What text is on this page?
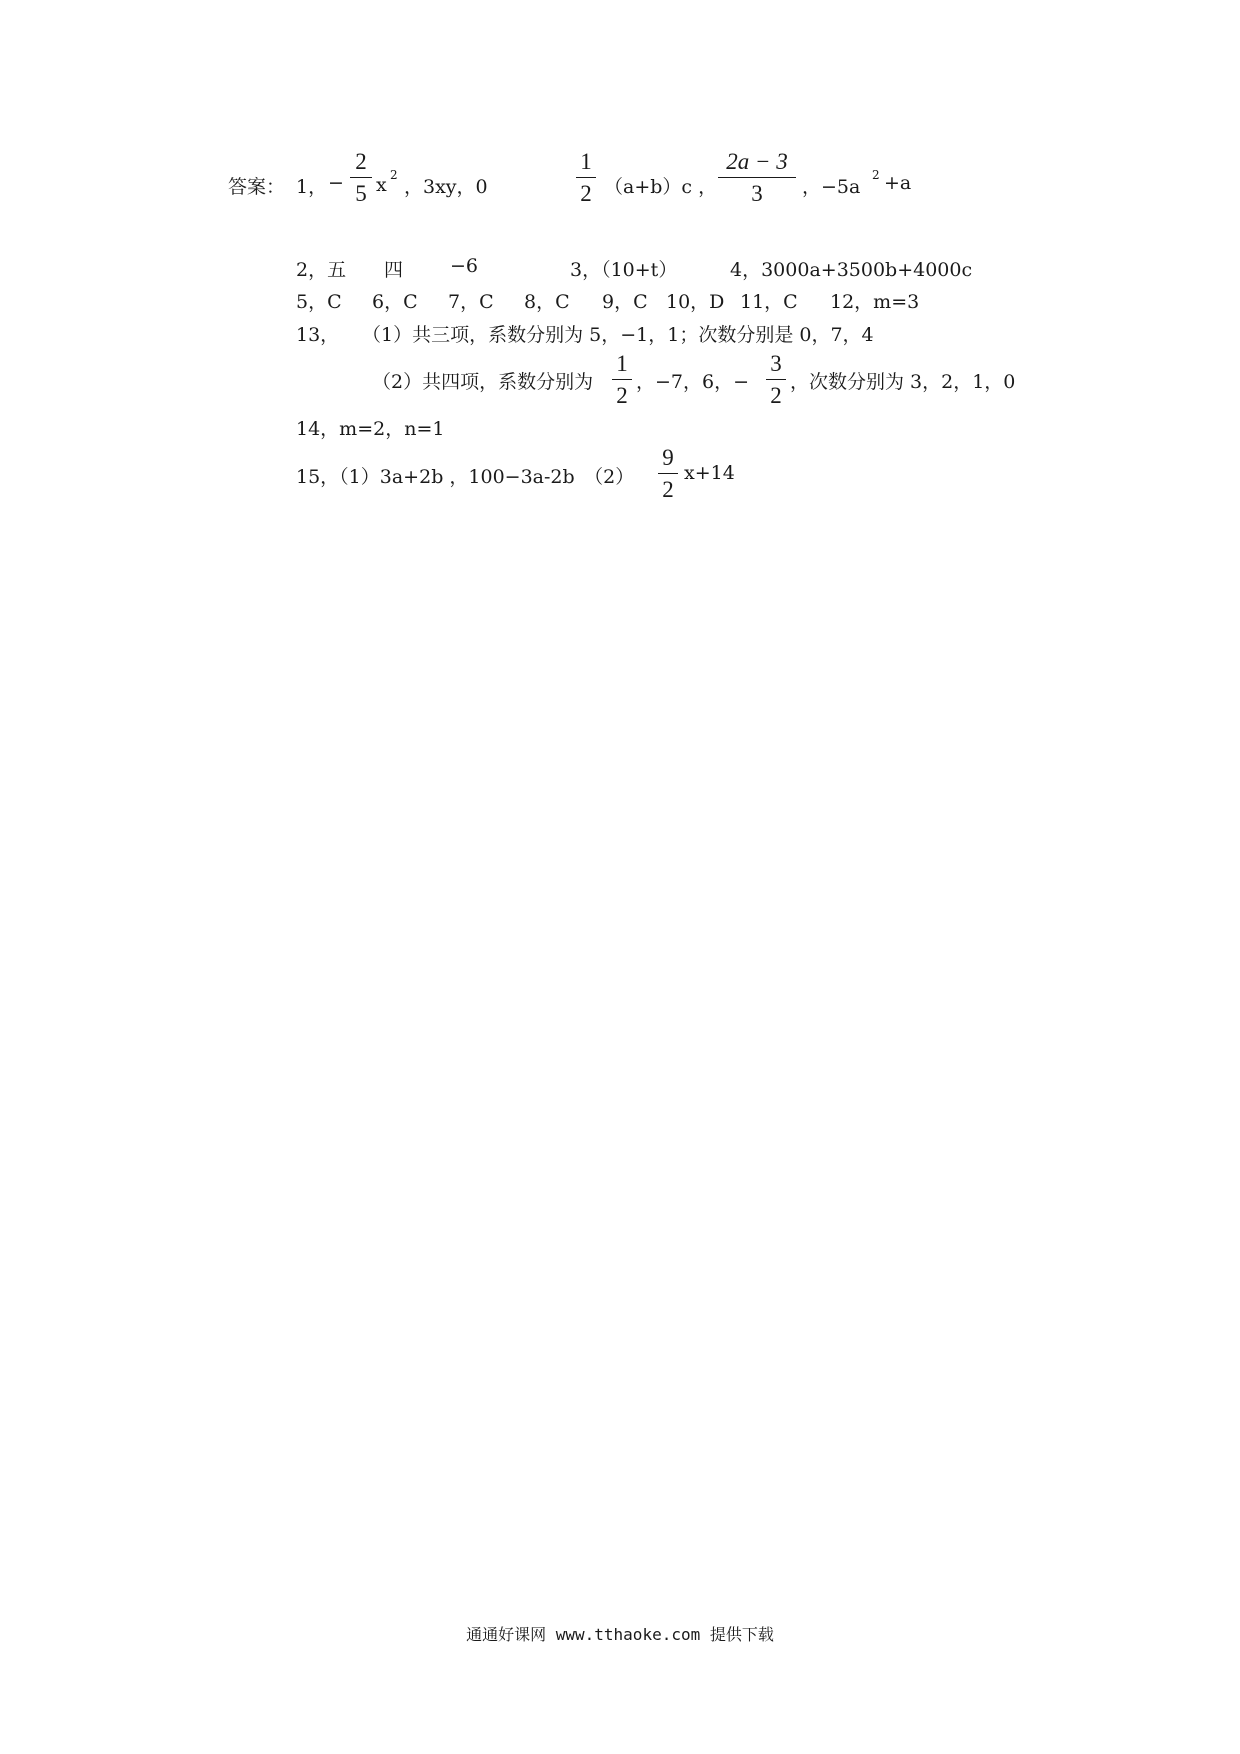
答案： 1， −
2
5 x 2
，3xy，0
1
2 （a+b）c ，
2a − 3
3	，−5a
2 +a
2，五 四 −6	3，（10+t）	4，3000a+3500b+4000c
5，C 6，C 7，C 8，C 9，C 10，D 11，C 12，m=3
13， （1）共三项，系数分别为 5，−1，1；次数分别是 0，7，4
（2）共四项，系数分别为
1
2
，−7，6，−
3
2
，次数分别为 3，2，1，0
14，m=2，n=1
15，（1）3a+2b ，100−3a-2b　（2）
9
2
x+14
通通好课网 www.tthaoke.com 提供下载
